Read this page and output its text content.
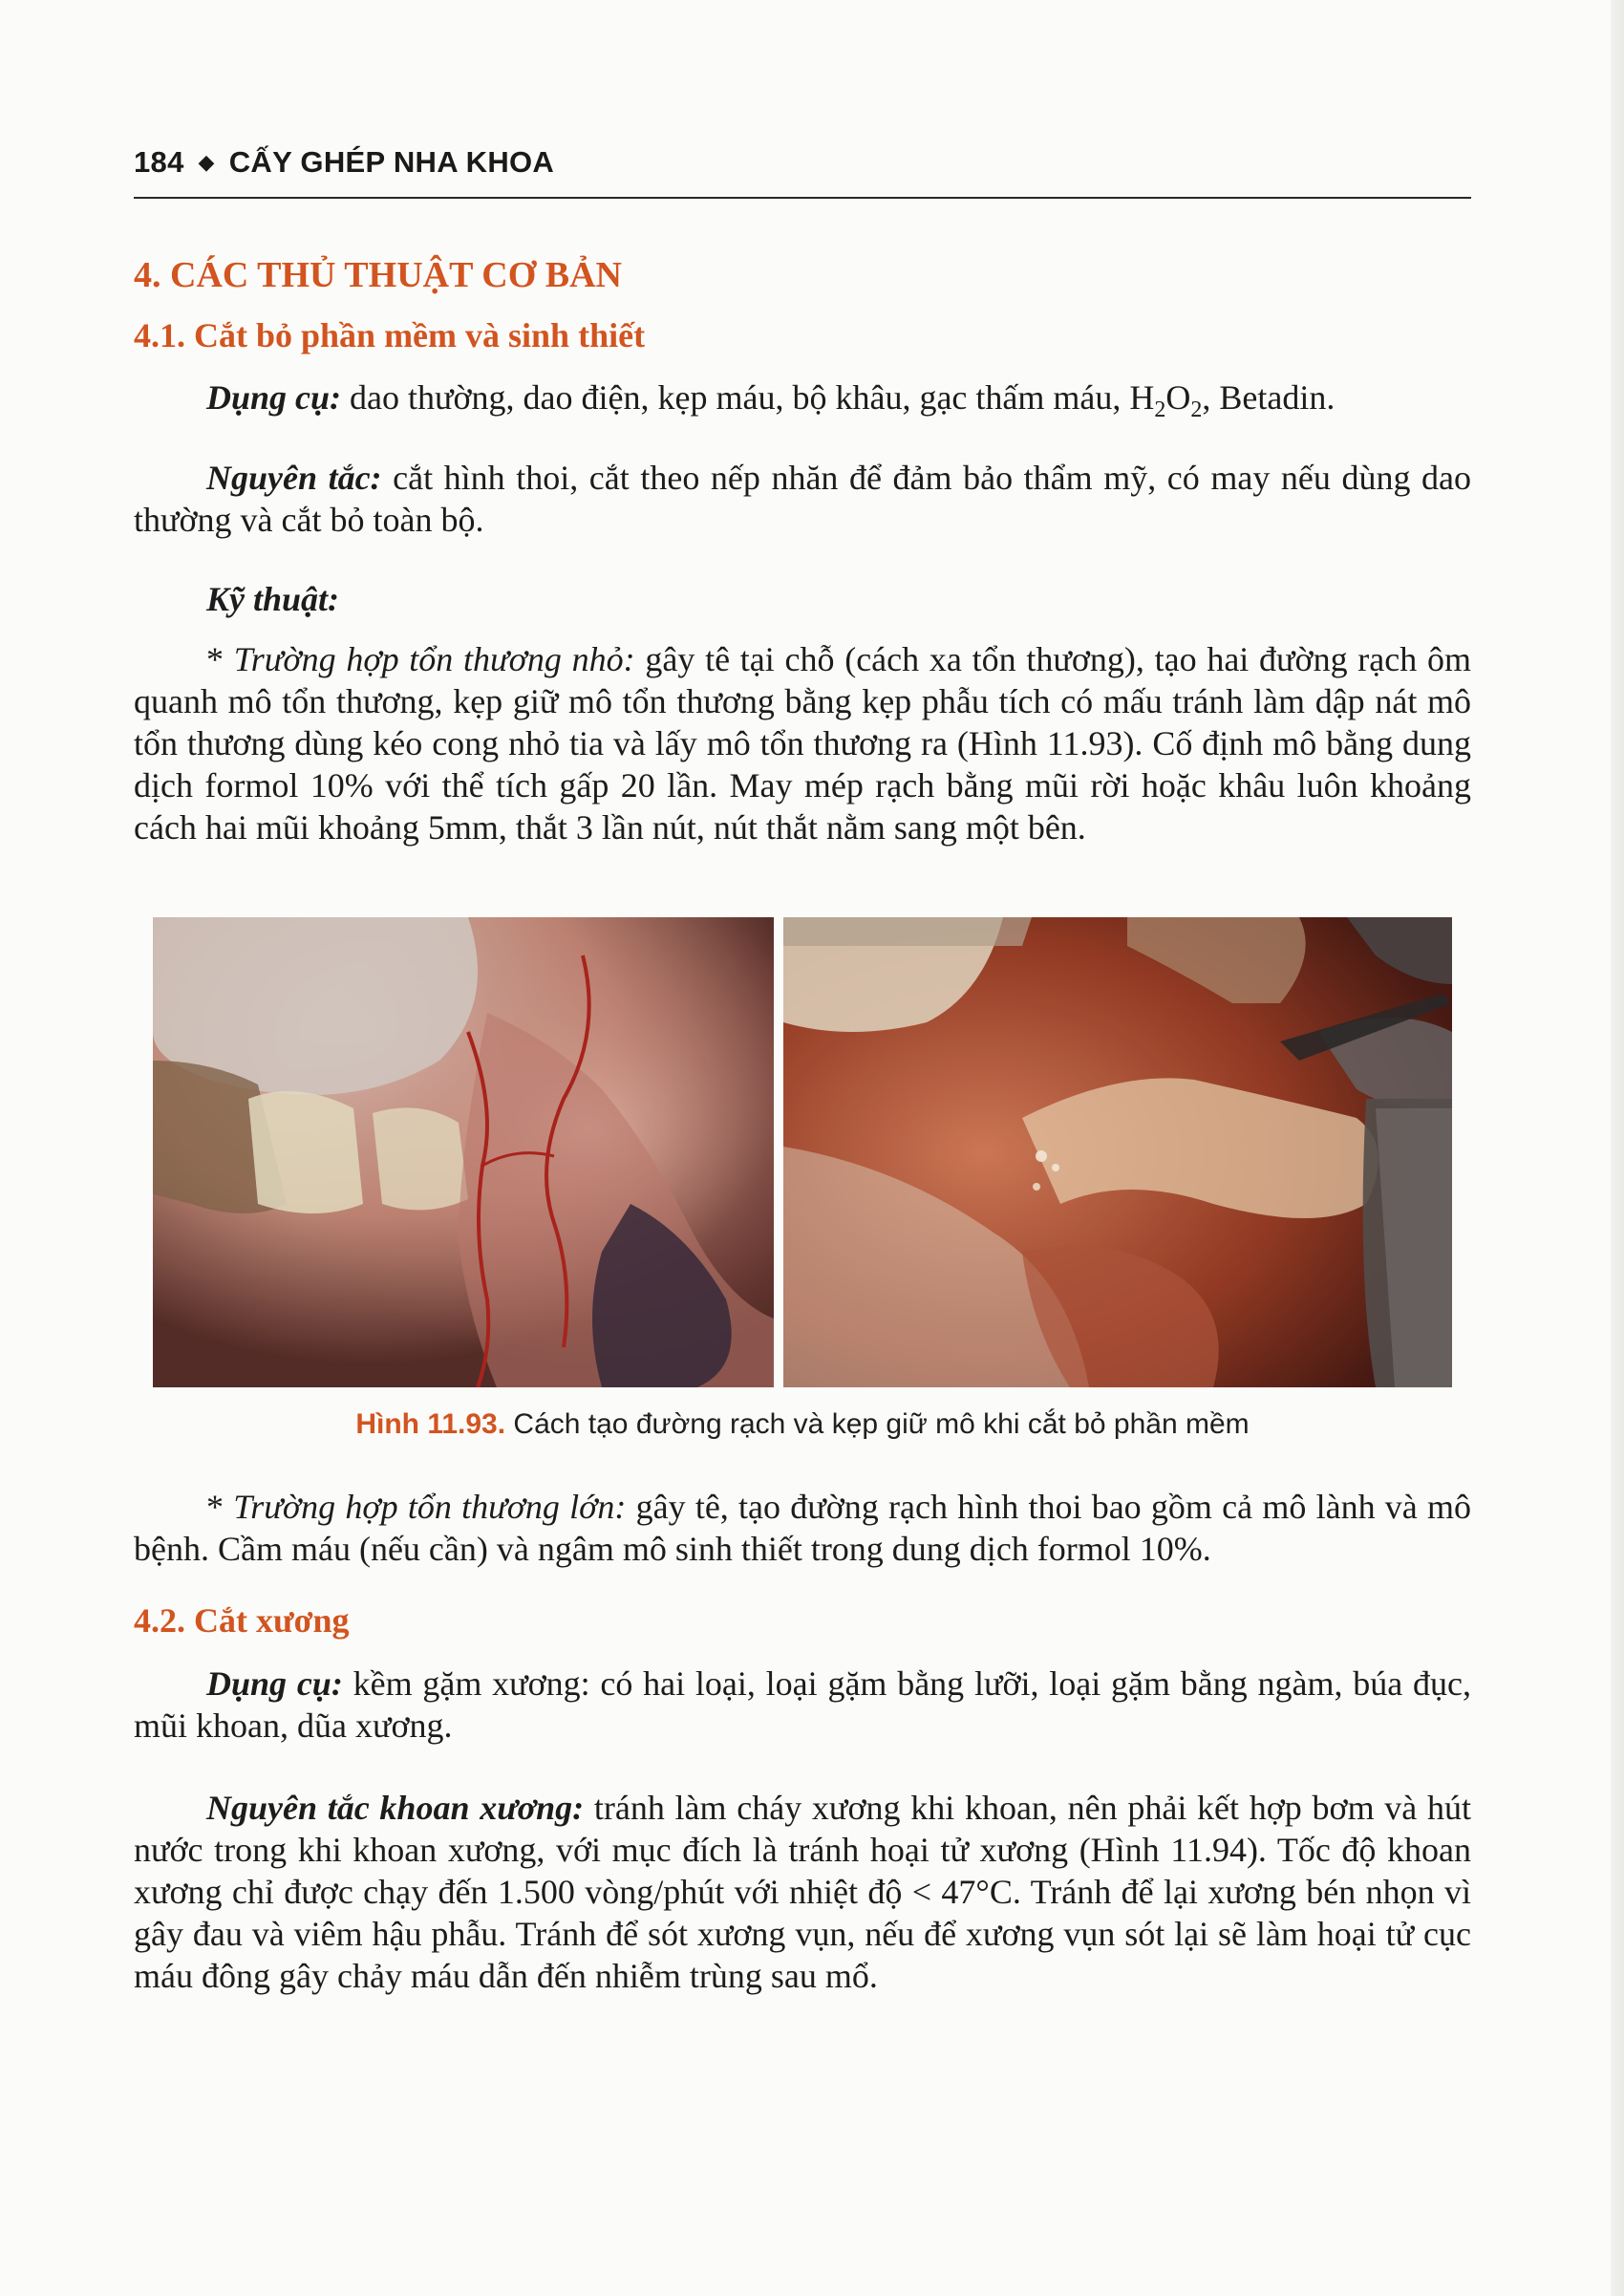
184 ◆ CẤY GHÉP NHA KHOA
4. CÁC THỦ THUẬT CƠ BẢN
4.1. Cắt bỏ phần mềm và sinh thiết

Dụng cụ: dao thường, dao điện, kẹp máu, bộ khâu, gạc thấm máu, $H_2O_2$, Betadin.

Nguyên tắc: cắt hình thoi, cắt theo nếp nhăn để đảm bảo thẩm mỹ, có may nếu dùng dao thường và cắt bỏ toàn bộ.

Kỹ thuật:

* Trường hợp tổn thương nhỏ: gây tê tại chỗ (cách xa tổn thương), tạo hai đường rạch ôm quanh mô tổn thương, kẹp giữ mô tổn thương bằng kẹp phẫu tích có mấu tránh làm dập nát mô tổn thương dùng kéo cong nhỏ tia và lấy mô tổn thương ra (Hình 11.93). Cố định mô bằng dung dịch formol 10% với thể tích gấp 20 lần. May mép rạch bằng mũi rời hoặc khâu luôn khoảng cách hai mũi khoảng 5mm, thắt 3 lần nút, nút thắt nằm sang một bên.

Hình 11.93. Cách tạo đường rạch và kẹp giữ mô khi cắt bỏ phần mềm

* Trường hợp tổn thương lớn: gây tê, tạo đường rạch hình thoi bao gồm cả mô lành và mô bệnh. Cầm máu (nếu cần) và ngâm mô sinh thiết trong dung dịch formol 10%.

4.2. Cắt xương

Dụng cụ: kềm gặm xương: có hai loại, loại gặm bằng lưỡi, loại gặm bằng ngàm, búa đục, mũi khoan, dũa xương.

Nguyên tắc khoan xương: tránh làm cháy xương khi khoan, nên phải kết hợp bơm và hút nước trong khi khoan xương, với mục đích là tránh hoại tử xương (Hình 11.94). Tốc độ khoan xương chỉ được chạy đến 1.500 vòng/phút với nhiệt độ < 47°C. Tránh để lại xương bén nhọn vì gây đau và viêm hậu phẫu. Tránh để sót xương vụn, nếu để xương vụn sót lại sẽ làm hoại tử cục máu đông gây chảy máu dẫn đến nhiễm trùng sau mổ.
